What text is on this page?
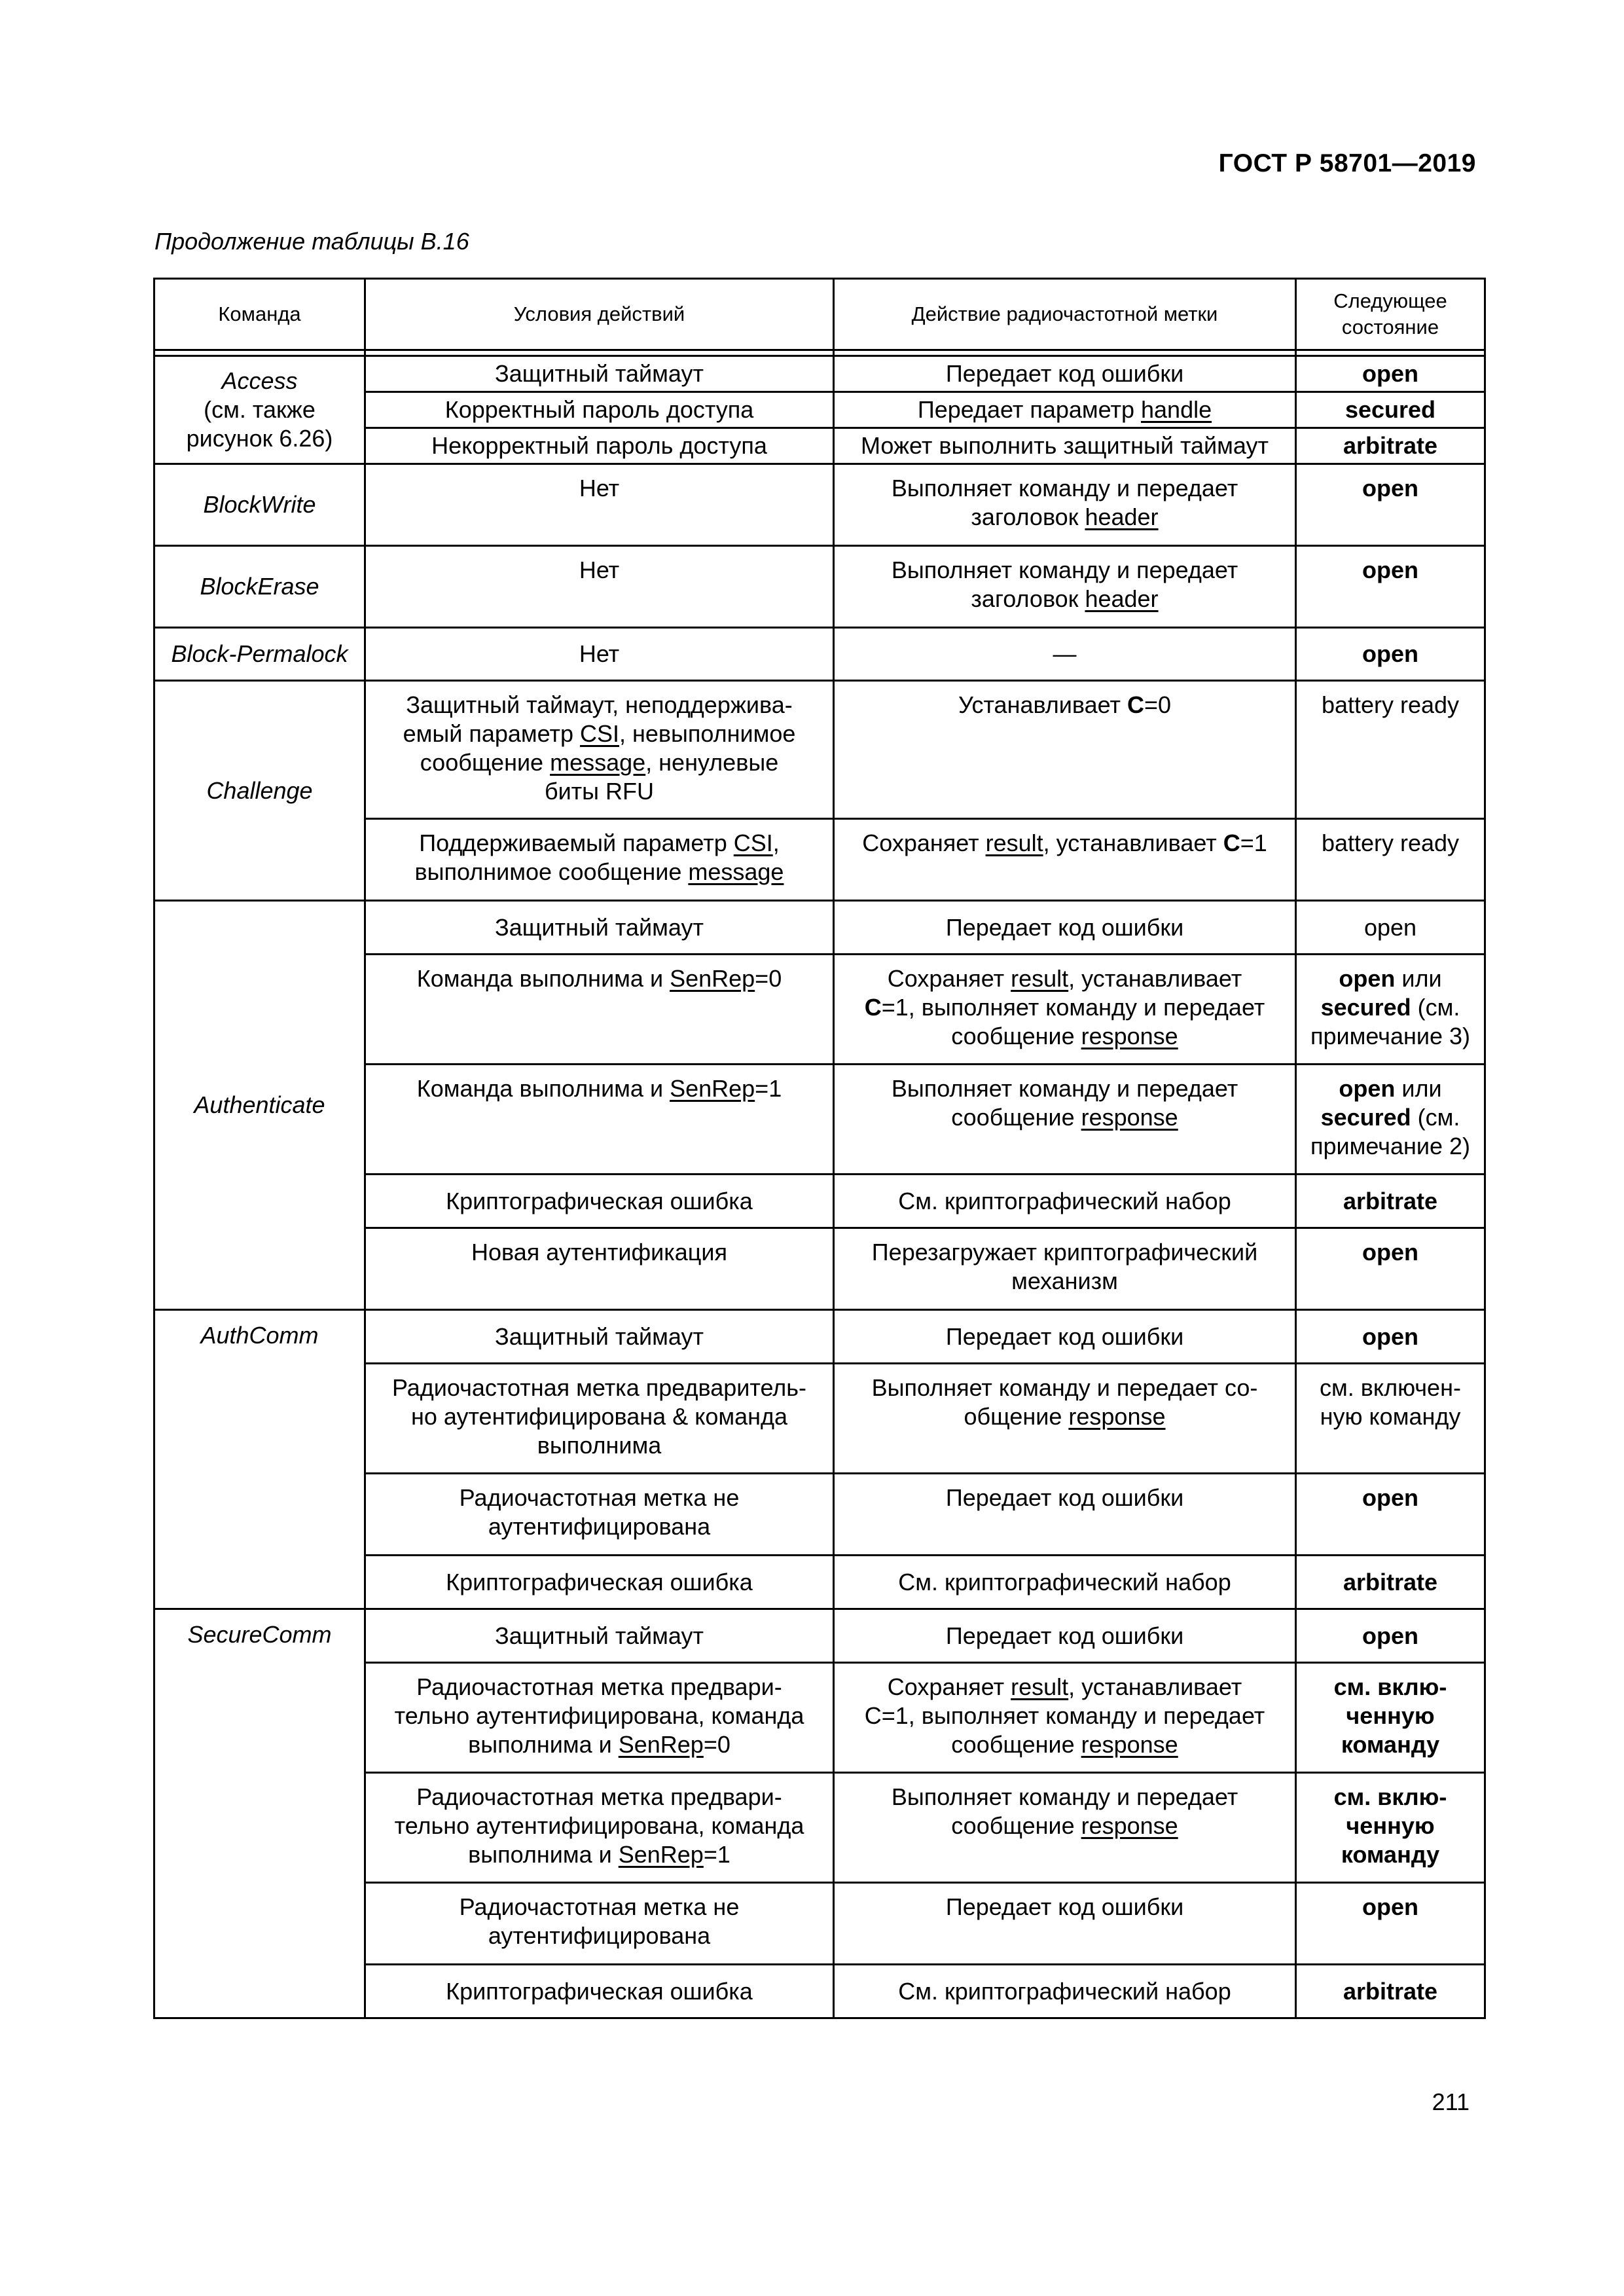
ГОСТ Р 58701—2019
Продолжение таблицы В.16
Команда	Условия действий	Действие радиочастотной метки	Следующее
состояние

Access
(см. также
рисунок 6.26)	Защитный таймаут	Передает код ошибки	open
	Корректный пароль доступа	Передает параметр handle	secured
	Некорректный пароль доступа	Может выполнить защитный таймаут	arbitrate
BlockWrite	Нет	Выполняет команду и передает
заголовок header	open
BlockErase	Нет	Выполняет команду и передает
заголовок header	open
Block-Permalock	Нет	—	open
Challenge	Защитный таймаут, неподдержива-
емый параметр CSI, невыполнимое
сообщение message, ненулевые
биты RFU	Устанавливает C=0	battery ready
	Поддерживаемый параметр CSI,
выполнимое сообщение message	Сохраняет result, устанавливает C=1	battery ready
Authenticate	Защитный таймаут	Передает код ошибки	open
	Команда выполнима и SenRep=0	Сохраняет result, устанавливает
C=1, выполняет команду и передает
сообщение response	open или
secured (см.
примечание 3)
	Команда выполнима и SenRep=1	Выполняет команду и передает
сообщение response	open или
secured (см.
примечание 2)
	Криптографическая ошибка	См. криптографический набор	arbitrate
	Новая аутентификация	Перезагружает криптографический
механизм	open
AuthComm	Защитный таймаут	Передает код ошибки	open
	Радиочастотная метка предваритель-
но аутентифицирована & команда
выполнима	Выполняет команду и передает со-
общение response	см. включен-
ную команду
	Радиочастотная метка не
аутентифицирована	Передает код ошибки	open
	Криптографическая ошибка	См. криптографический набор	arbitrate
SecureComm	Защитный таймаут	Передает код ошибки	open
	Радиочастотная метка предвари-
тельно аутентифицирована, команда
выполнима и SenRep=0	Сохраняет result, устанавливает
C=1, выполняет команду и передает
сообщение response	см. вклю-
ченную
команду
	Радиочастотная метка предвари-
тельно аутентифицирована, команда
выполнима и SenRep=1	Выполняет команду и передает
сообщение response	см. вклю-
ченную
команду
	Радиочастотная метка не
аутентифицирована	Передает код ошибки	open
	Криптографическая ошибка	См. криптографический набор	arbitrate
211
